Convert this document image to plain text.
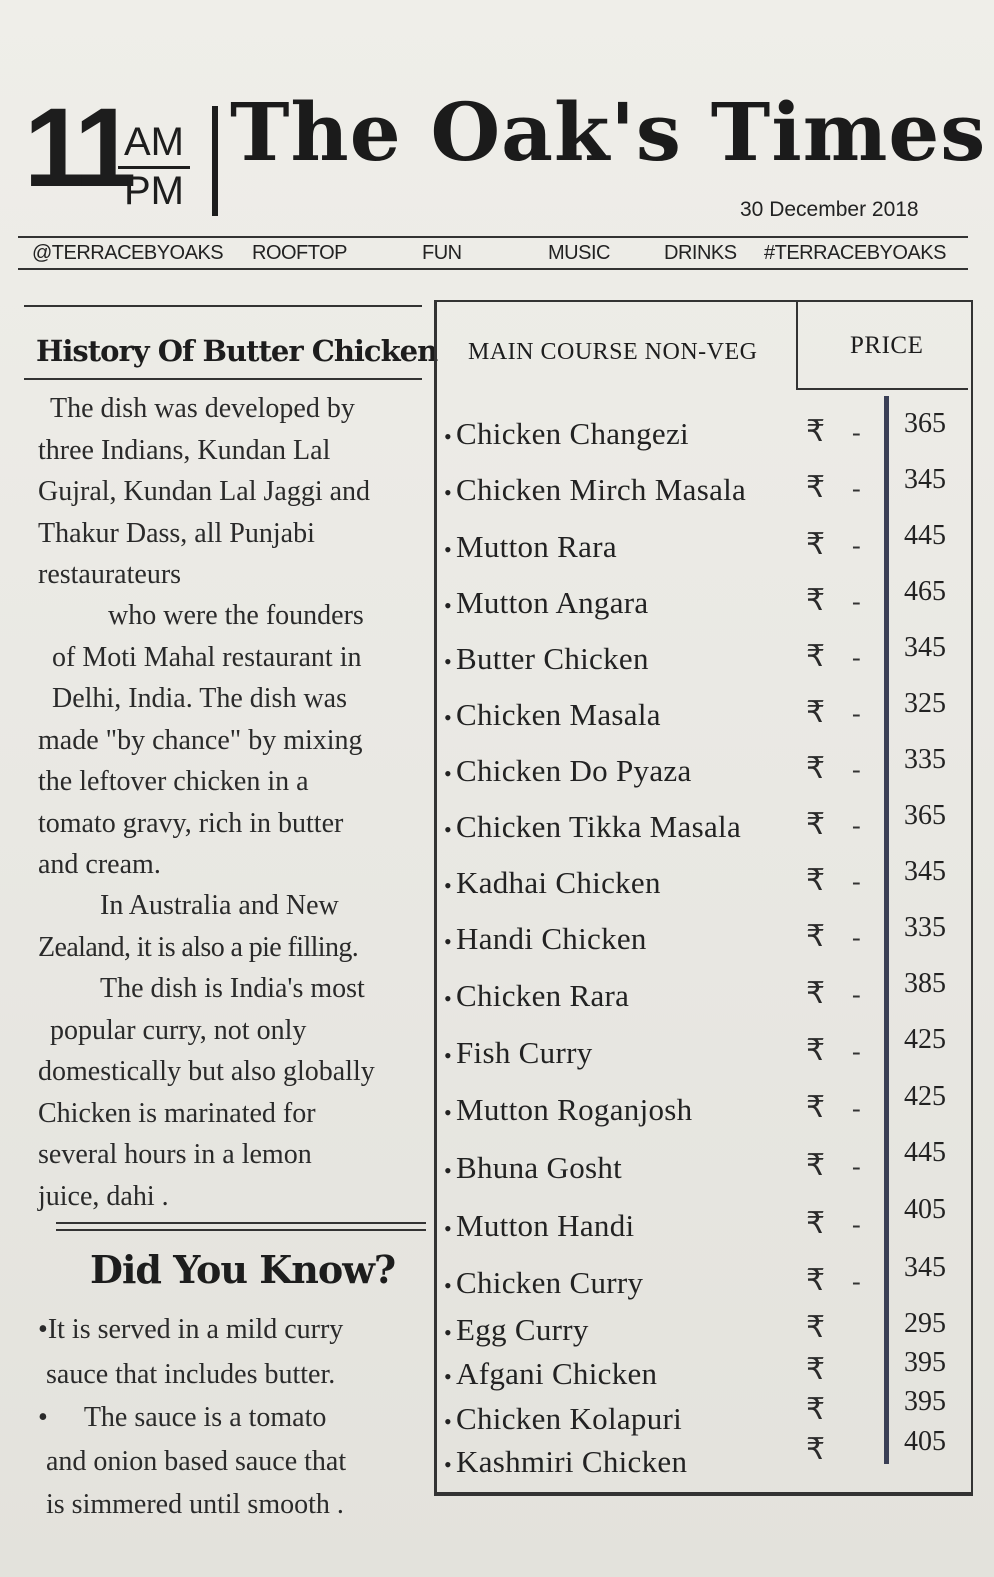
11
AM
PM
The Oak's Times
30 December 2018
@TERRACEBYOAKS ROOFTOP	FUN	MUSIC	DRINKS #TERRACEBYOAKS
History Of Butter Chicken
The dish was developed by
three Indians, Kundan Lal
Gujral, Kundan Lal Jaggi and
Thakur Dass, all Punjabi
restaurateurs
who were the founders
of Moti Mahal restaurant in
Delhi, India. The dish was
made "by chance" by mixing
the leftover chicken in a
tomato gravy, rich in butter
and cream.
In Australia and New
Zealand, it is also a pie filling.
The dish is India's most
popular curry, not only
domestically but also globally
Chicken is marinated for
several hours in a lemon
juice, dahi .
Did You Know?
•It is served in a mild curry
sauce that includes butter.
• The sauce is a tomato
and onion based sauce that
is simmered until smooth .
MAIN COURSE NON-VEG	PRICE
• Chicken Changezi	₹ - 365
• Chicken Mirch Masala ₹ - 345
• Mutton Rara	₹ - 445
• Mutton Angara	₹ - 465
• Butter Chicken	₹ - 345
• Chicken Masala	₹ - 325
• Chicken Do Pyaza	₹ - 335
• Chicken Tikka Masala ₹ - 365
• Kadhai Chicken	₹ - 345
• Handi Chicken	₹ - 335
• Chicken Rara	₹ - 385
• Fish Curry	₹ - 425
• Mutton Roganjosh	₹ - 425
• Bhuna Gosht	₹ - 445
• Mutton Handi	₹ - 405
• Chicken Curry	₹ - 345
• Egg Curry	₹	295
• Afgani Chicken	₹	395
• Chicken Kolapuri	₹	395
• Kashmiri Chicken	₹	405
